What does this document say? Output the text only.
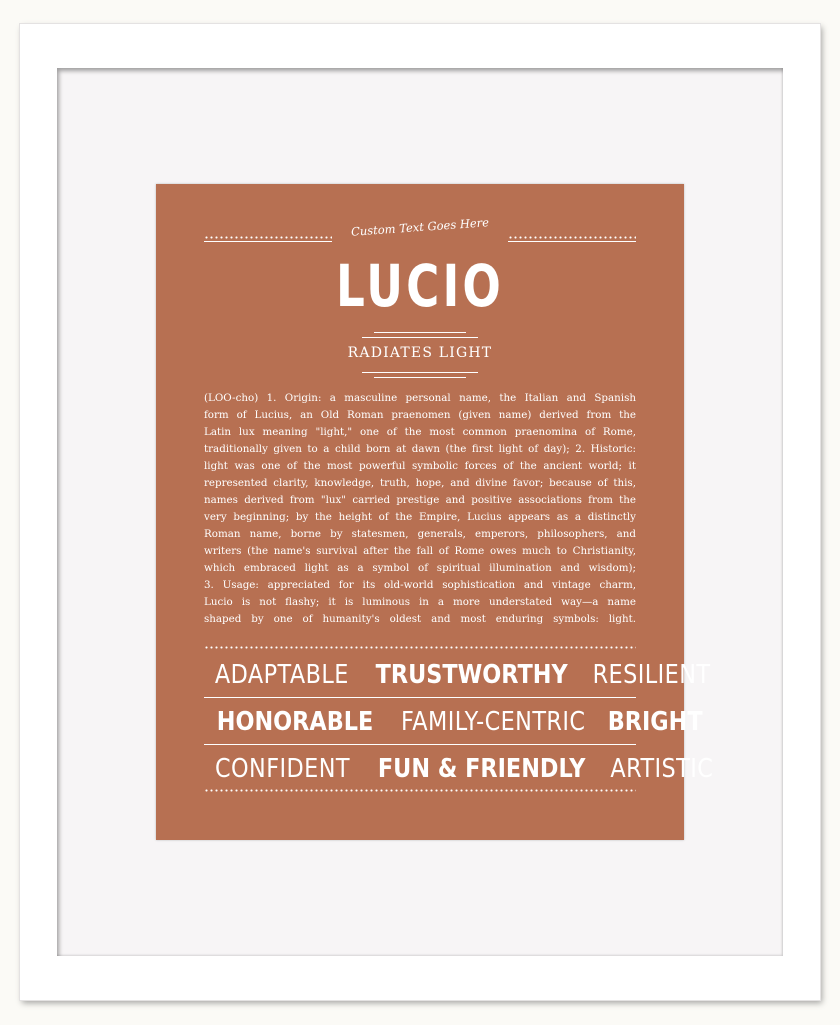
Custom Text Goes Here
LUCIO
RADIATES LIGHT

(LOO-cho) 1. Origin: a masculine personal name, the Italian and Spanish

form of Lucius, an Old Roman praenomen (given name) derived from the

Latin lux meaning "light," one of the most common praenomina of Rome,

traditionally given to a child born at dawn (the first light of day); 2. Historic:

light was one of the most powerful symbolic forces of the ancient world; it

represented clarity, knowledge, truth, hope, and divine favor; because of this,

names derived from "lux" carried prestige and positive associations from the

very beginning; by the height of the Empire, Lucius appears as a distinctly

Roman name, borne by statesmen, generals, emperors, philosophers, and

writers (the name's survival after the fall of Rome owes much to Christianity,

which embraced light as a symbol of spiritual illumination and wisdom);

3. Usage: appreciated for its old-world sophistication and vintage charm,

Lucio is not flashy; it is luminous in a more understated way—a name

shaped by one of humanity's oldest and most enduring symbols: light.

ADAPTABLE TRUSTWORTHY RESILIENT
HONORABLE FAMILY-CENTRIC BRIGHT
CONFIDENT FUN & FRIENDLY ARTISTIC
